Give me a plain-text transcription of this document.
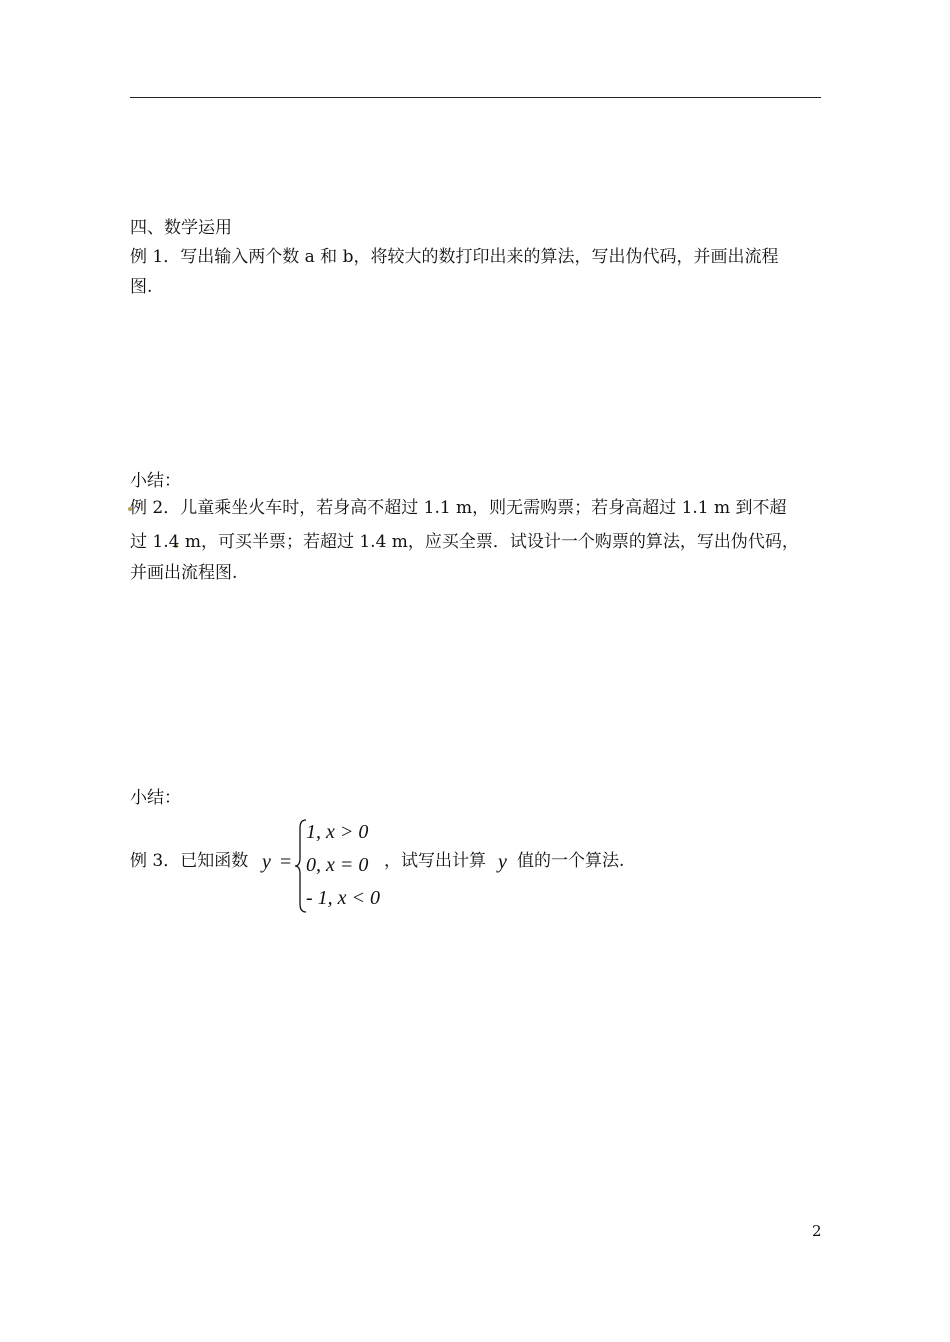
四、数学运用
例 1．写出输入两个数 a 和 b，将较大的数打印出来的算法，写出伪代码，并画出流程
图.
小结：
例 2．儿童乘坐火车时，若身高不超过 1.1 m，则无需购票；若身高超过 1.1 m 到不超
过 1.4 m，可买半票；若超过 1.4 m，应买全票．试设计一个购票的算法，写出伪代码，
并画出流程图.
小结：
例 3．已知函数 y =
1, x > 0
0, x = 0
- 1, x < 0
，试写出计算 y 值的一个算法.
2
